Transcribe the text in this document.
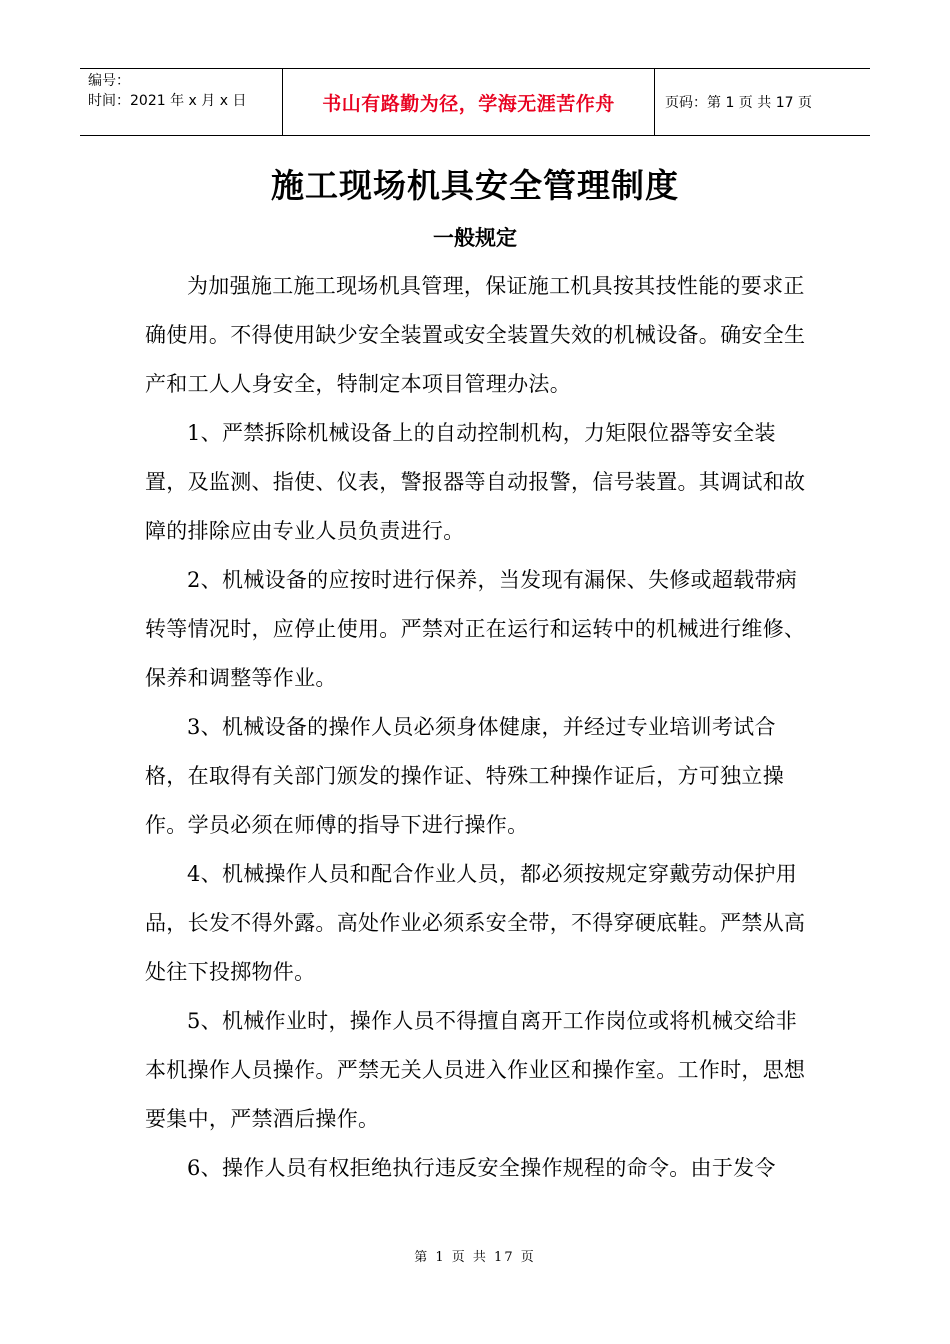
编号：
时间：2021 年 x 月 x 日	书山有路勤为径，学海无涯苦作舟	页码：第 1 页 共 17 页
施工现场机具安全管理制度
一般规定

为加强施工施工现场机具管理，保证施工机具按其技性能的要求正确使用。不得使用缺少安全装置或安全装置失效的机械设备。确安全生产和工人人身安全，特制定本项目管理办法。

1、严禁拆除机械设备上的自动控制机构，力矩限位器等安全装置，及监测、指使、仪表，警报器等自动报警，信号装置。其调试和故障的排除应由专业人员负责进行。

2、机械设备的应按时进行保养，当发现有漏保、失修或超载带病转等情况时，应停止使用。严禁对正在运行和运转中的机械进行维修、保养和调整等作业。

3、机械设备的操作人员必须身体健康，并经过专业培训考试合格，在取得有关部门颁发的操作证、特殊工种操作证后，方可独立操作。学员必须在师傅的指导下进行操作。

4、机械操作人员和配合作业人员，都必须按规定穿戴劳动保护用品，长发不得外露。高处作业必须系安全带，不得穿硬底鞋。严禁从高处往下投掷物件。

5、机械作业时，操作人员不得擅自离开工作岗位或将机械交给非本机操作人员操作。严禁无关人员进入作业区和操作室。工作时，思想要集中，严禁酒后操作。

6、操作人员有权拒绝执行违反安全操作规程的命令。由于发令

第 1 页 共 17 页
